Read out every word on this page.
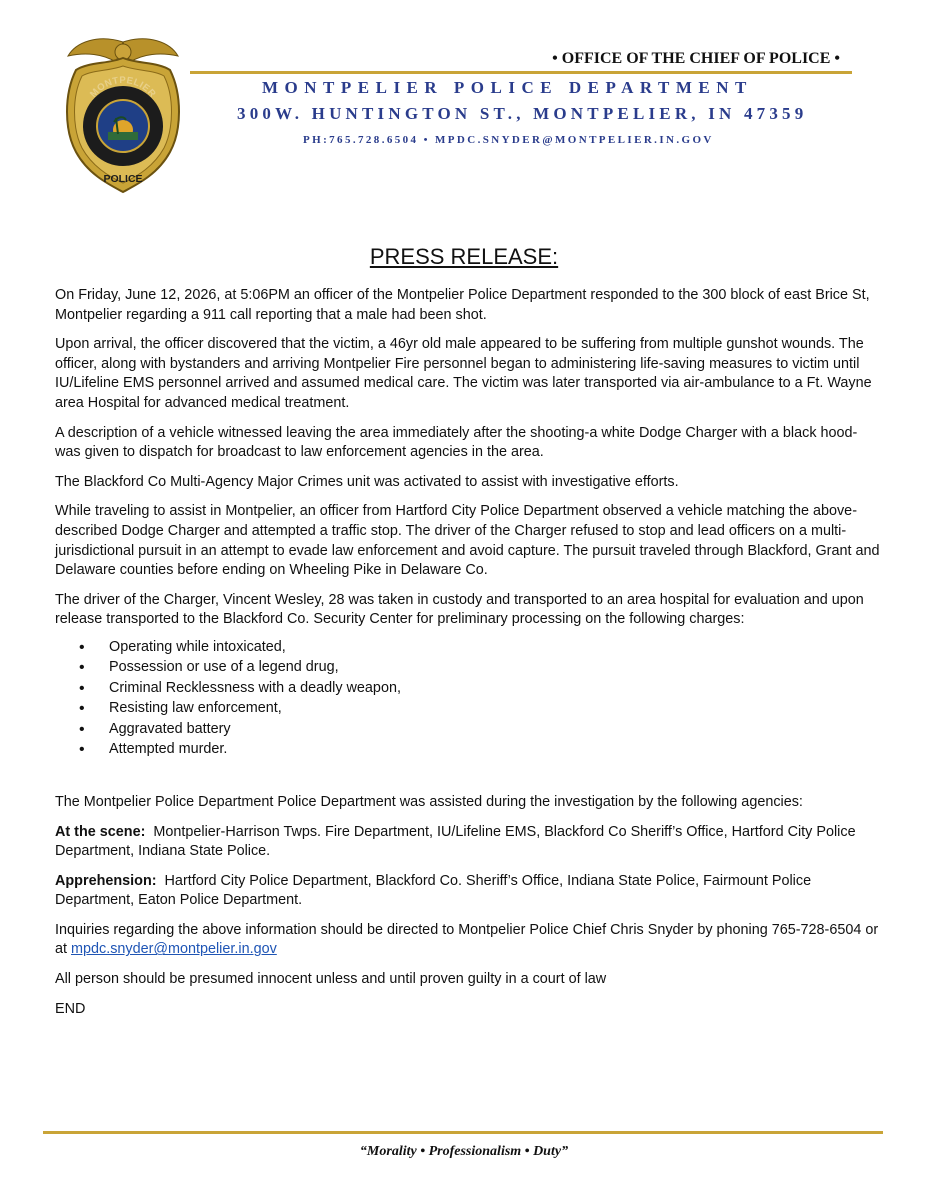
MONTPELIER
POLICE
• OFFICE OF THE CHIEF OF POLICE •
MONTPELIER POLICE DEPARTMENT
300W. HUNTINGTON ST., MONTPELIER, IN 47359
PH:765.728.6504 • MPDC.SNYDER@MONTPELIER.IN.GOV
PRESS RELEASE:

On Friday, June 12, 2026, at 5:06PM an officer of the Montpelier Police Department responded to the 300 block of east Brice St, Montpelier regarding a 911 call reporting that a male had been shot.

Upon arrival, the officer discovered that the victim, a 46yr old male appeared to be suffering from multiple gunshot wounds. The officer, along with bystanders and arriving Montpelier Fire personnel began to administering life-saving measures to victim until IU/Lifeline EMS personnel arrived and assumed medical care. The victim was later transported via air-ambulance to a Ft. Wayne area Hospital for advanced medical treatment.

A description of a vehicle witnessed leaving the area immediately after the shooting-a white Dodge Charger with a black hood- was given to dispatch for broadcast to law enforcement agencies in the area.

The Blackford Co Multi-Agency Major Crimes unit was activated to assist with investigative efforts.

While traveling to assist in Montpelier, an officer from Hartford City Police Department observed a vehicle matching the above-described Dodge Charger and attempted a traffic stop. The driver of the Charger refused to stop and lead officers on a multi-jurisdictional pursuit in an attempt to evade law enforcement and avoid capture. The pursuit traveled through Blackford, Grant and Delaware counties before ending on Wheeling Pike in Delaware Co.

The driver of the Charger, Vincent Wesley, 28 was taken in custody and transported to an area hospital for evaluation and upon release transported to the Blackford Co. Security Center for preliminary processing on the following charges:

• Operating while intoxicated,
• Possession or use of a legend drug,
• Criminal Recklessness with a deadly weapon,
• Resisting law enforcement,
• Aggravated battery
• Attempted murder.

The Montpelier Police Department Police Department was assisted during the investigation by the following agencies:

At the scene:  Montpelier-Harrison Twps. Fire Department, IU/Lifeline EMS, Blackford Co Sheriff’s Office, Hartford City Police Department, Indiana State Police.

Apprehension:  Hartford City Police Department, Blackford Co. Sheriff’s Office, Indiana State Police, Fairmount Police Department, Eaton Police Department.

Inquiries regarding the above information should be directed to Montpelier Police Chief Chris Snyder by phoning 765-728-6504 or at mpdc.snyder@montpelier.in.gov

All person should be presumed innocent unless and until proven guilty in a court of law

END

“Morality • Professionalism • Duty”
